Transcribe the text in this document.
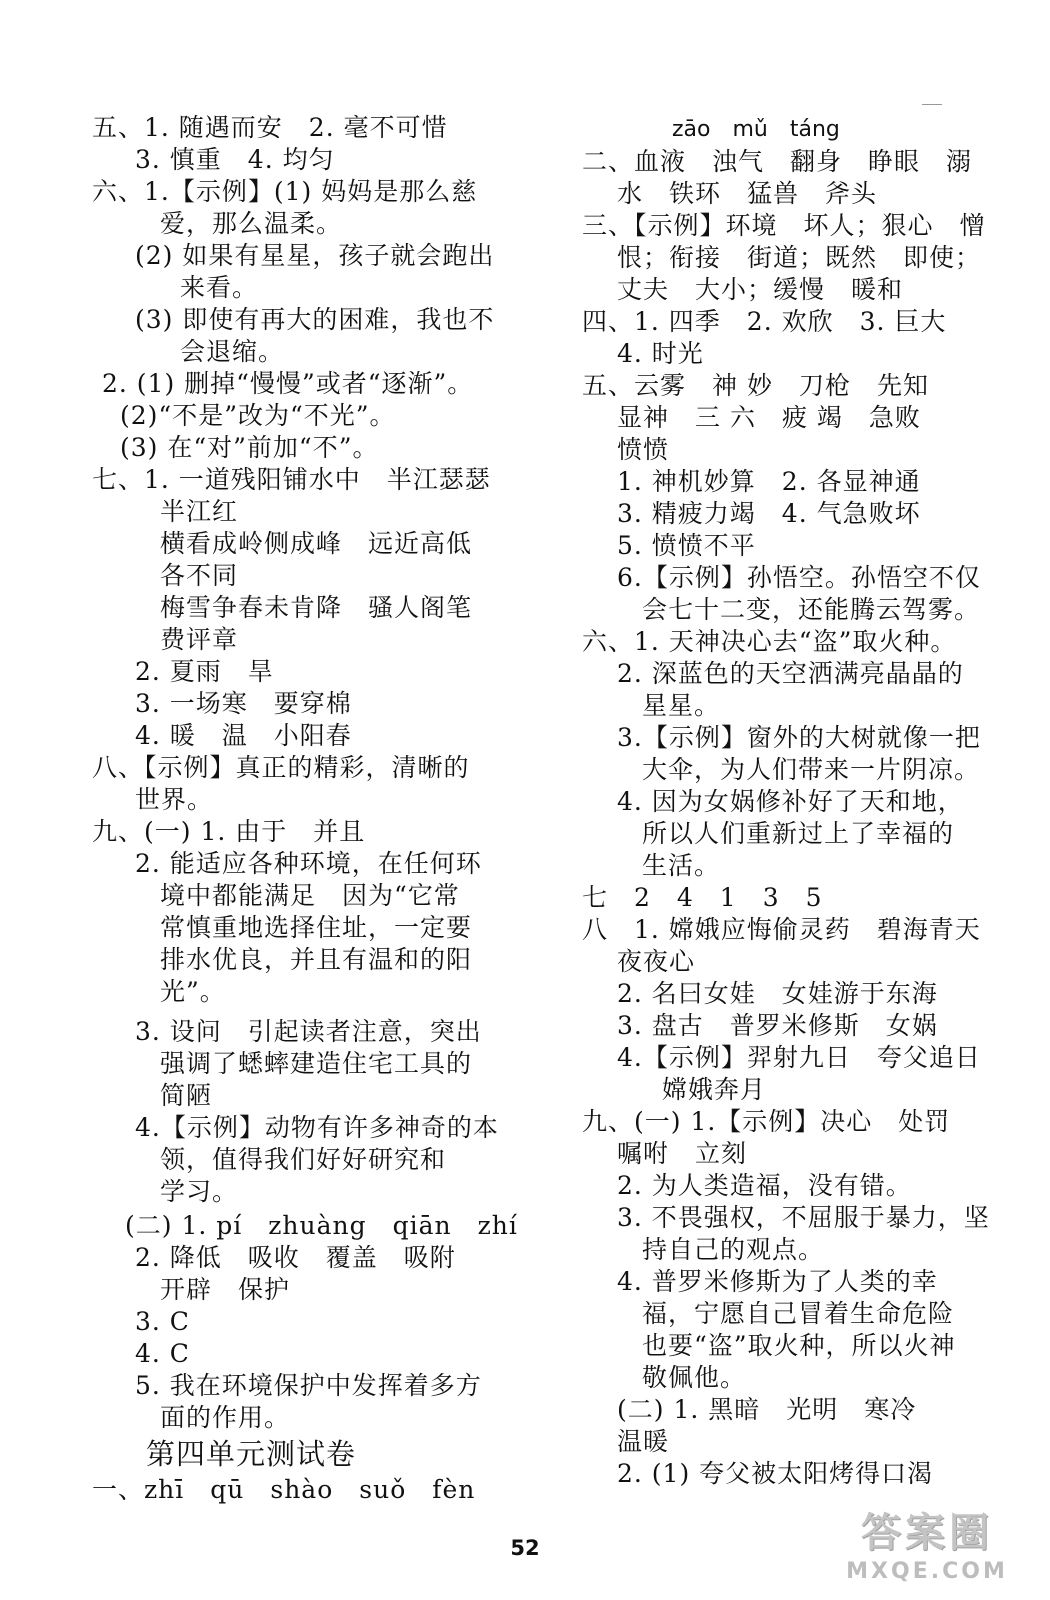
五、1. 随遇而安　2. 毫不可惜
3. 慎重　4. 均匀
六、1.【示例】(1) 妈妈是那么慈
爱，那么温柔。
(2) 如果有星星，孩子就会跑出
来看。
(3) 即使有再大的困难，我也不
会退缩。
2. (1) 删掉“慢慢”或者“逐渐”。
(2)“不是”改为“不光”。
(3) 在“对”前加“不”。
七、1. 一道残阳铺水中　半江瑟瑟
半江红
横看成岭侧成峰　远近高低
各不同
梅雪争春未肯降　骚人阁笔
费评章
2. 夏雨　旱
3. 一场寒　要穿棉
4. 暖　温　小阳春
八、【示例】真正的精彩，清晰的
世界。
九、(一) 1. 由于　并且
2. 能适应各种环境，在任何环
境中都能满足　因为“它常
常慎重地选择住址，一定要
排水优良，并且有温和的阳
光”。
3. 设问　引起读者注意，突出
强调了蟋蟀建造住宅工具的
简陋
4.【示例】动物有许多神奇的本
领，值得我们好好研究和
学习。
(二) 1. pí　zhuàng　qiān　zhí
2. 降低　吸收　覆盖　吸附
开辟　保护
3. C
4. C
5. 我在环境保护中发挥着多方
面的作用。
第四单元测试卷
一、zhī　qū　shào　suǒ　fèn
zāo　mǔ　táng
二、血液　浊气　翻身　睁眼　溺
水　铁环　猛兽　斧头
三、【示例】环境　坏人；狠心　憎
恨；衔接　街道；既然　即使；
丈夫　大小；缓慢　暖和
四、1. 四季　2. 欢欣　3. 巨大
4. 时光
五、云雾　神 妙　刀枪　先知
显神　三 六　疲 竭　急败
愤愤
1. 神机妙算　2. 各显神通
3. 精疲力竭　4. 气急败坏
5. 愤愤不平
6.【示例】孙悟空。孙悟空不仅
会七十二变，还能腾云驾雾。
六、1. 天神决心去“盗”取火种。
2. 深蓝色的天空洒满亮晶晶的
星星。
3.【示例】窗外的大树就像一把
大伞，为人们带来一片阴凉。
4. 因为女娲修补好了天和地，
所以人们重新过上了幸福的
生活。
七　2　4　1　3　5
八　1. 嫦娥应悔偷灵药　碧海青天
夜夜心
2. 名曰女娃　女娃游于东海
3. 盘古　普罗米修斯　女娲
4.【示例】羿射九日　夸父追日
嫦娥奔月
九、(一) 1.【示例】决心　处罚
嘱咐　立刻
2. 为人类造福，没有错。
3. 不畏强权，不屈服于暴力，坚
持自己的观点。
4. 普罗米修斯为了人类的幸
福，宁愿自己冒着生命危险
也要“盗”取火种，所以火神
敬佩他。
(二) 1. 黑暗　光明　寒冷
温暖
2. (1) 夸父被太阳烤得口渴
52	答案圈
MXQE.COM
